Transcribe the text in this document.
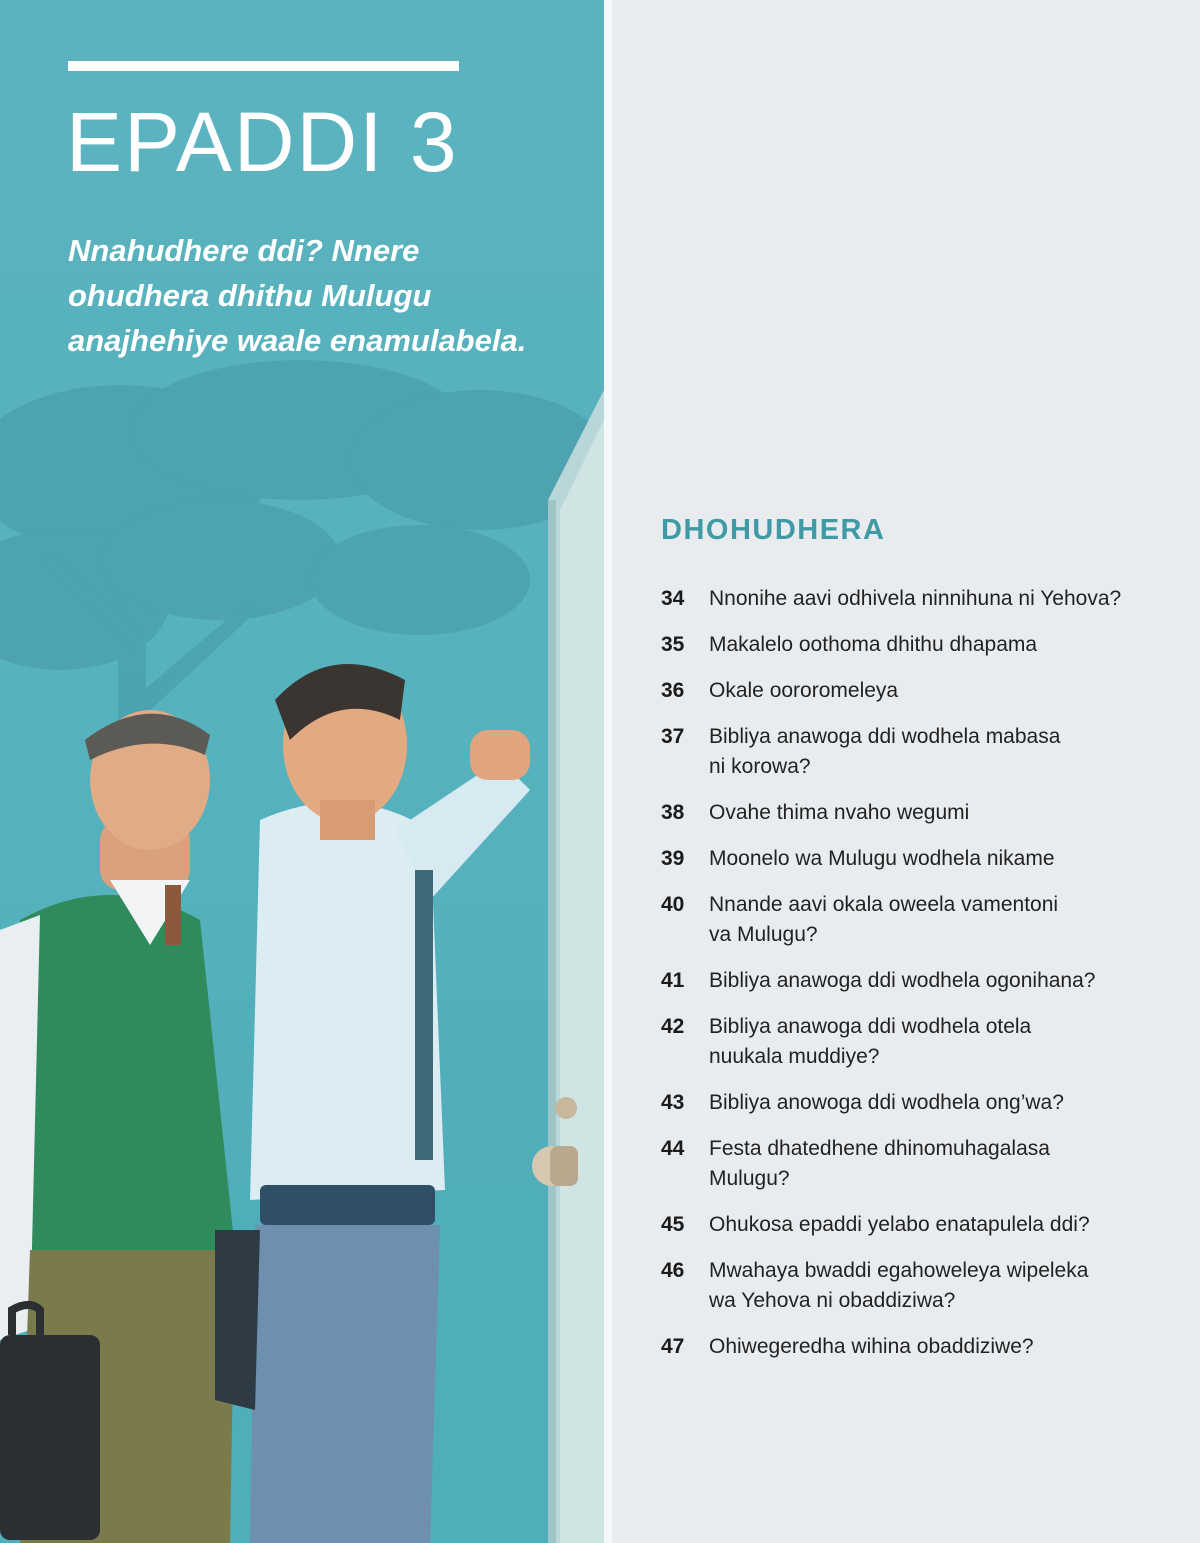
EPADDI 3

Nnahudhere ddi? Nnere ohudhera dhithu Mulugu anajhehiye waale enamulabela.

DHOHUDHERA
34 Nnonihe aavi odhivela ninnihuna ni Yehova?
35 Makalelo oothoma dhithu dhapama
36 Okale oororomeleya
37 Bibliya anawoga ddi wodhela mabasa
ni korowa?
38 Ovahe thima nvaho wegumi
39 Moonelo wa Mulugu wodhela nikame
40 Nnande aavi okala oweela vamentoni
va Mulugu?
41 Bibliya anawoga ddi wodhela ogonihana?
42 Bibliya anawoga ddi wodhela otela
nuukala muddiye?
43 Bibliya anowoga ddi wodhela ong’wa?
44 Festa dhatedhene dhinomuhagalasa
Mulugu?
45 Ohukosa epaddi yelabo enatapulela ddi?
46 Mwahaya bwaddi egahoweleya wipeleka
wa Yehova ni obaddiziwa?
47 Ohiwegeredha wihina obaddiziwe?
